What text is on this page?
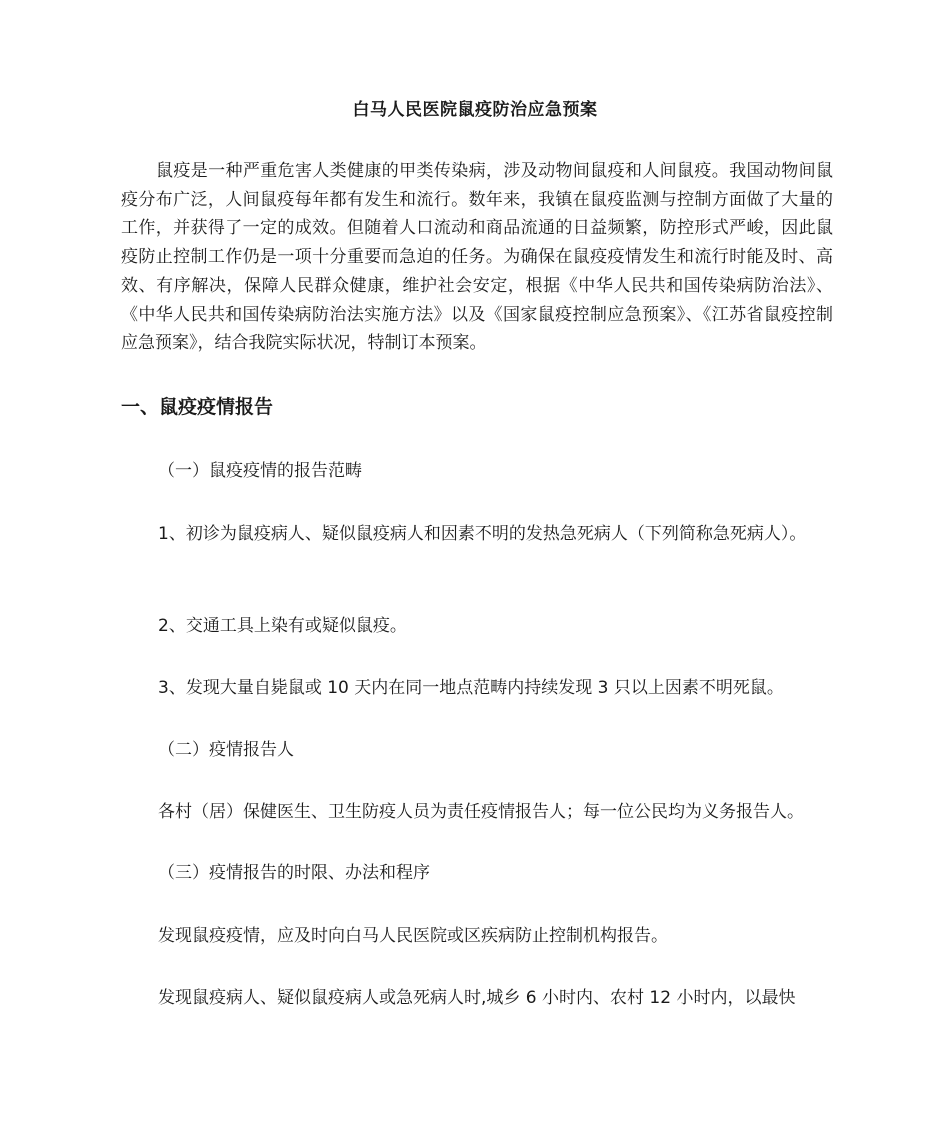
白马人民医院鼠疫防治应急预案

鼠疫是一种严重危害人类健康的甲类传染病，涉及动物间鼠疫和人间鼠疫。我国动物间鼠疫分布广泛，人间鼠疫每年都有发生和流行。数年来，我镇在鼠疫监测与控制方面做了大量的工作，并获得了一定的成效。但随着人口流动和商品流通的日益频繁，防控形式严峻，因此鼠疫防止控制工作仍是一项十分重要而急迫的任务。为确保在鼠疫疫情发生和流行时能及时、高效、有序解决，保障人民群众健康，维护社会安定，根据《中华人民共和国传染病防治法》、《中华人民共和国传染病防治法实施方法》以及《国家鼠疫控制应急预案》、《江苏省鼠疫控制应急预案》，结合我院实际状况，特制订本预案。

一、鼠疫疫情报告

（一）鼠疫疫情的报告范畴

1、初诊为鼠疫病人、疑似鼠疫病人和因素不明的发热急死病人（下列简称急死病人）。

2、交通工具上染有或疑似鼠疫。

3、发现大量自毙鼠或 10 天内在同一地点范畴内持续发现 3 只以上因素不明死鼠。

（二）疫情报告人

各村（居）保健医生、卫生防疫人员为责任疫情报告人；每一位公民均为义务报告人。

（三）疫情报告的时限、办法和程序

发现鼠疫疫情，应及时向白马人民医院或区疾病防止控制机构报告。

发现鼠疫病人、疑似鼠疫病人或急死病人时,城乡 6 小时内、农村 12 小时内，以最快
